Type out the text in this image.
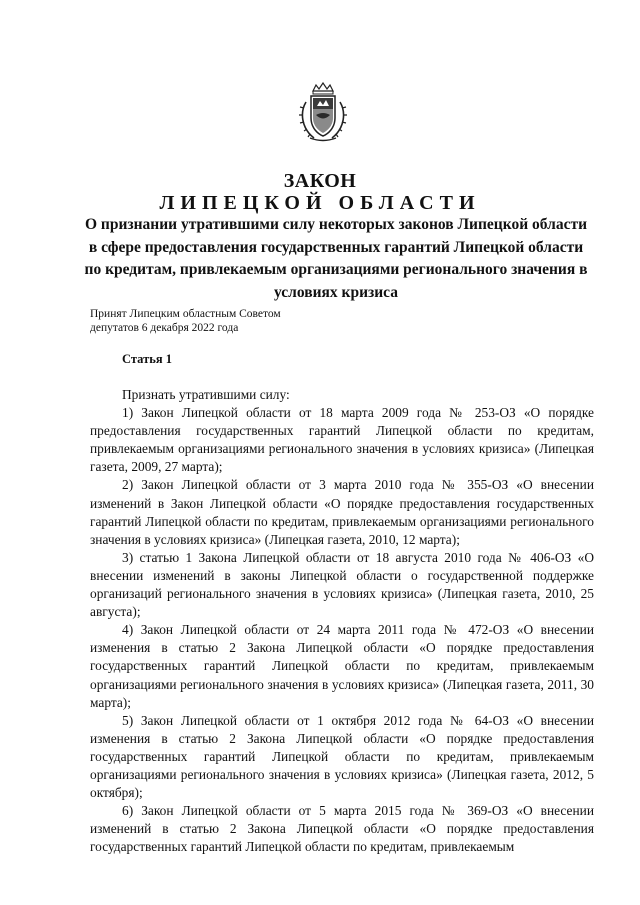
ЗАКОН
ЛИПЕЦКОЙ ОБЛАСТИ
О признании утратившими силу некоторых законов Липецкой области в сфере предоставления государственных гарантий Липецкой области по кредитам, привлекаемым организациями регионального значения в условиях кризиса
Принят Липецким областным Советом
депутатов 6 декабря 2022 года
Статья 1

Признать утратившими силу:

1) Закон Липецкой области от 18 марта 2009 года № 253-ОЗ «О порядке предоставления государственных гарантий Липецкой области по кредитам, привлекаемым организациями регионального значения в условиях кризиса» (Липецкая газета, 2009, 27 марта);

2) Закон Липецкой области от 3 марта 2010 года № 355-ОЗ «О внесении изменений в Закон Липецкой области «О порядке предоставления государственных гарантий Липецкой области по кредитам, привлекаемым организациями регионального значения в условиях кризиса» (Липецкая газета, 2010, 12 марта);

3) статью 1 Закона Липецкой области от 18 августа 2010 года № 406-ОЗ «О внесении изменений в законы Липецкой области о государственной поддержке организаций регионального значения в условиях кризиса» (Липецкая газета, 2010, 25 августа);

4) Закон Липецкой области от 24 марта 2011 года № 472-ОЗ «О внесении изменения в статью 2 Закона Липецкой области «О порядке предоставления государственных гарантий Липецкой области по кредитам, привлекаемым организациями регионального значения в условиях кризиса» (Липецкая газета, 2011, 30 марта);

5) Закон Липецкой области от 1 октября 2012 года № 64-ОЗ «О внесении изменения в статью 2 Закона Липецкой области «О порядке предоставления государственных гарантий Липецкой области по кредитам, привлекаемым организациями регионального значения в условиях кризиса» (Липецкая газета, 2012, 5 октября);

6) Закон Липецкой области от 5 марта 2015 года № 369-ОЗ «О внесении изменений в статью 2 Закона Липецкой области «О порядке предоставления государственных гарантий Липецкой области по кредитам, привлекаемым
